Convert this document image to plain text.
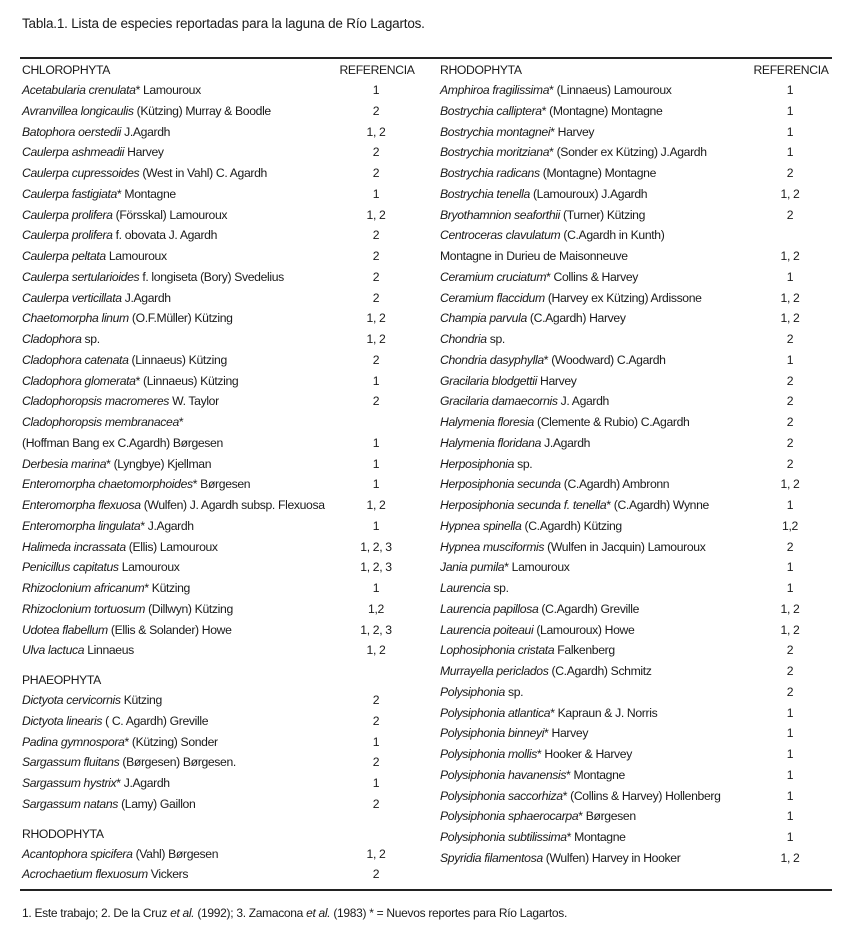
Tabla.1. Lista de especies reportadas para la laguna de Río Lagartos.
CHLOROPHYTA	REFERENCIA
Acetabularia crenulata* Lamouroux	1
Avranvillea longicaulis (Kützing) Murray & Boodle	2
Batophora oerstedii J.Agardh	1, 2
Caulerpa ashmeadii Harvey	2
Caulerpa cupressoides (West in Vahl) C. Agardh	2
Caulerpa fastigiata* Montagne	1
Caulerpa prolifera (Försskal) Lamouroux	1, 2
Caulerpa prolifera f. obovata J. Agardh	2
Caulerpa peltata Lamouroux	2
Caulerpa sertularioides f. longiseta (Bory) Svedelius	2
Caulerpa verticillata J.Agardh	2
Chaetomorpha linum (O.F.Müller) Kützing	1, 2
Cladophora sp.	1, 2
Cladophora catenata (Linnaeus) Kützing	2
Cladophora glomerata* (Linnaeus) Kützing	1
Cladophoropsis macromeres W. Taylor	2
Cladophoropsis membranacea*
(Hoffman Bang ex C.Agardh) Børgesen	1
Derbesia marina* (Lyngbye) Kjellman	1
Enteromorpha chaetomorphoides* Børgesen	1
Enteromorpha flexuosa (Wulfen) J. Agardh subsp. Flexuosa	1, 2
Enteromorpha lingulata* J.Agardh	1
Halimeda incrassata (Ellis) Lamouroux	1, 2, 3
Penicillus capitatus Lamouroux	1, 2, 3
Rhizoclonium africanum* Kützing	1
Rhizoclonium tortuosum (Dillwyn) Kützing	1,2
Udotea flabellum (Ellis & Solander) Howe	1, 2, 3
Ulva lactuca Linnaeus	1, 2
PHAEOPHYTA
Dictyota cervicornis Kützing	2
Dictyota linearis ( C. Agardh) Greville	2
Padina gymnospora* (Kützing) Sonder	1
Sargassum fluitans (Børgesen) Børgesen.	2
Sargassum hystrix* J.Agardh	1
Sargassum natans (Lamy) Gaillon	2
RHODOPHYTA
Acantophora spicifera (Vahl) Børgesen	1, 2
Acrochaetium flexuosum Vickers	2
RHODOPHYTA	REFERENCIA
Amphiroa fragilissima* (Linnaeus) Lamouroux	1
Bostrychia calliptera* (Montagne) Montagne	1
Bostrychia montagnei* Harvey	1
Bostrychia moritziana* (Sonder ex Kützing) J.Agardh	1
Bostrychia radicans (Montagne) Montagne	2
Bostrychia tenella (Lamouroux) J.Agardh	1, 2
Bryothamnion seaforthii (Turner) Kützing	2
Centroceras clavulatum (C.Agardh in Kunth)
Montagne in Durieu de Maisonneuve	1, 2
Ceramium cruciatum* Collins & Harvey	1
Ceramium flaccidum (Harvey ex Kützing) Ardissone	1, 2
Champia parvula (C.Agardh) Harvey	1, 2
Chondria sp.	2
Chondria dasyphylla* (Woodward) C.Agardh	1
Gracilaria blodgettii Harvey	2
Gracilaria damaecornis J. Agardh	2
Halymenia floresia (Clemente & Rubio) C.Agardh	2
Halymenia floridana J.Agardh	2
Herposiphonia sp.	2
Herposiphonia secunda (C.Agardh) Ambronn	1, 2
Herposiphonia secunda f. tenella* (C.Agardh) Wynne	1
Hypnea spinella (C.Agardh) Kützing	1,2
Hypnea musciformis (Wulfen in Jacquin) Lamouroux	2
Jania pumila* Lamouroux	1
Laurencia sp.	1
Laurencia papillosa (C.Agardh) Greville	1, 2
Laurencia poiteaui (Lamouroux) Howe	1, 2
Lophosiphonia cristata Falkenberg	2
Murrayella periclados (C.Agardh) Schmitz	2
Polysiphonia sp.	2
Polysiphonia atlantica* Kapraun & J. Norris	1
Polysiphonia binneyi* Harvey	1
Polysiphonia mollis* Hooker & Harvey	1
Polysiphonia havanensis* Montagne	1
Polysiphonia saccorhiza* (Collins & Harvey) Hollenberg	1
Polysiphonia sphaerocarpa* Børgesen	1
Polysiphonia subtilissima* Montagne	1
Spyridia filamentosa (Wulfen) Harvey in Hooker	1, 2
1. Este trabajo; 2. De la Cruz et al. (1992); 3. Zamacona et al. (1983) * = Nuevos reportes para Río Lagartos.
